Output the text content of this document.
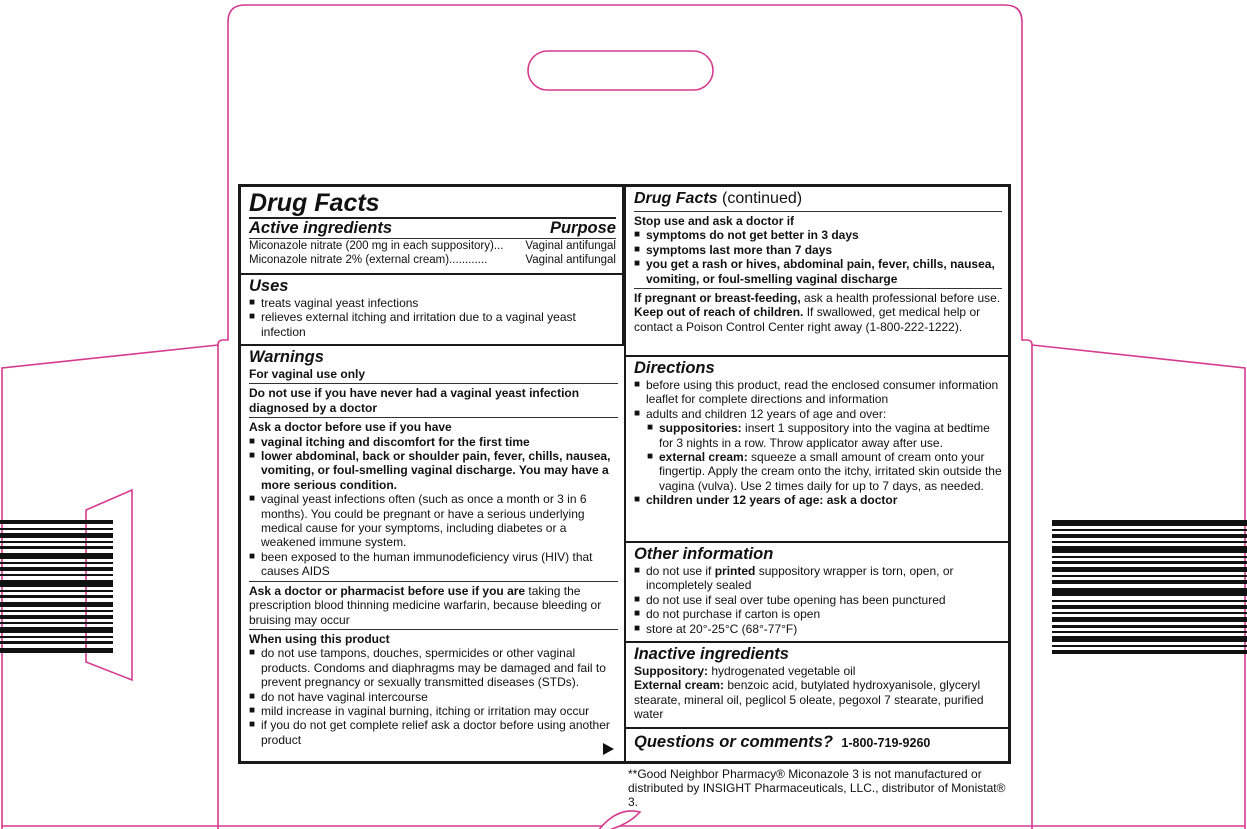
Drug Facts
Active ingredients	Purpose
Miconazole nitrate (200 mg in each suppository)... Vaginal antifungal
Miconazole nitrate 2% (external cream)............	Vaginal antifungal
Uses
■ treats vaginal yeast infections
■ relieves external itching and irritation due to a vaginal yeast infection
Warnings
For vaginal use only
Do not use if you have never had a vaginal yeast infection diagnosed by a doctor
Ask a doctor before use if you have
■ vaginal itching and discomfort for the first time
■ lower abdominal, back or shoulder pain, fever, chills, nausea, vomiting, or foul-smelling vaginal discharge. You may have a more serious condition.
■ vaginal yeast infections often (such as once a month or 3 in 6 months). You could be pregnant or have a serious underlying medical cause for your symptoms, including diabetes or a weakened immune system.
■ been exposed to the human immunodeficiency virus (HIV) that causes AIDS
Ask a doctor or pharmacist before use if you are taking the prescription blood thinning medicine warfarin, because bleeding or bruising may occur
When using this product
■ do not use tampons, douches, spermicides or other vaginal products. Condoms and diaphragms may be damaged and fail to prevent pregnancy or sexually transmitted diseases (STDs).
■ do not have vaginal intercourse
■ mild increase in vaginal burning, itching or irritation may occur
■ if you do not get complete relief ask a doctor before using another product
Drug Facts (continued)
Stop use and ask a doctor if
■ symptoms do not get better in 3 days
■ symptoms last more than 7 days
■ you get a rash or hives, abdominal pain, fever, chills, nausea, vomiting, or foul-smelling vaginal discharge
If pregnant or breast-feeding, ask a health professional before use.
Keep out of reach of children. If swallowed, get medical help or contact a Poison Control Center right away (1-800-222-1222).
Directions
■ before using this product, read the enclosed consumer information leaflet for complete directions and information
■ adults and children 12 years of age and over:
■ suppositories: insert 1 suppository into the vagina at bedtime for 3 nights in a row. Throw applicator away after use.
■ external cream: squeeze a small amount of cream onto your fingertip. Apply the cream onto the itchy, irritated skin outside the vagina (vulva). Use 2 times daily for up to 7 days, as needed.
■ children under 12 years of age: ask a doctor
Other information
■ do not use if printed suppository wrapper is torn, open, or incompletely sealed
■ do not use if seal over tube opening has been punctured
■ do not purchase if carton is open
■ store at 20°-25°C (68°-77°F)
Inactive ingredients
Suppository: hydrogenated vegetable oil
External cream: benzoic acid, butylated hydroxyanisole, glyceryl stearate, mineral oil, peglicol 5 oleate, pegoxol 7 stearate, purified water
Questions or comments? 1-800-719-9260
**Good Neighbor Pharmacy® Miconazole 3 is not manufactured or distributed by INSIGHT Pharmaceuticals, LLC., distributor of Monistat® 3.
